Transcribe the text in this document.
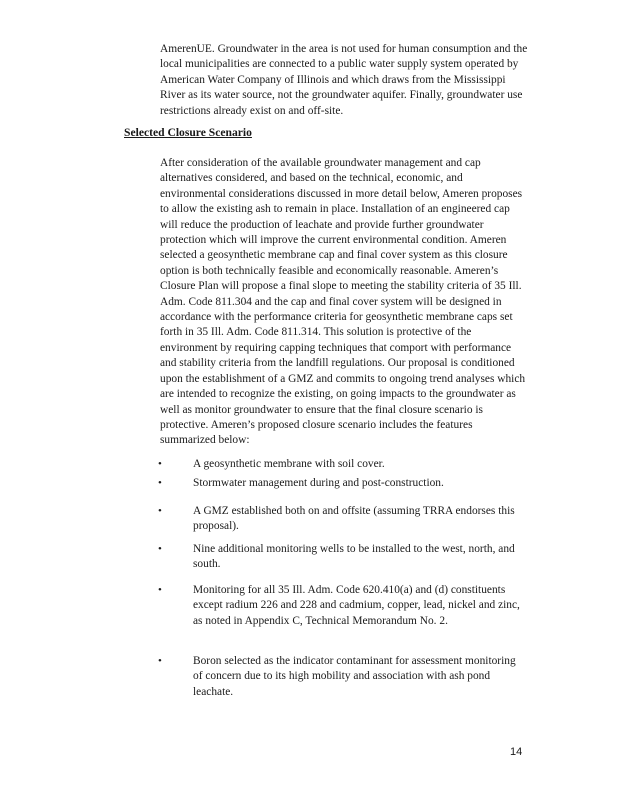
AmerenUE. Groundwater in the area is not used for human consumption and the local municipalities are connected to a public water supply system operated by American Water Company of Illinois and which draws from the Mississippi River as its water source, not the groundwater aquifer. Finally, groundwater use restrictions already exist on and off-site.

Selected Closure Scenario

After consideration of the available groundwater management and cap alternatives considered, and based on the technical, economic, and environmental considerations discussed in more detail below, Ameren proposes to allow the existing ash to remain in place. Installation of an engineered cap will reduce the production of leachate and provide further groundwater protection which will improve the current environmental condition. Ameren selected a geosynthetic membrane cap and final cover system as this closure option is both technically feasible and economically reasonable. Ameren’s Closure Plan will propose a final slope to meeting the stability criteria of 35 Ill. Adm. Code 811.304 and the cap and final cover system will be designed in accordance with the performance criteria for geosynthetic membrane caps set forth in 35 Ill. Adm. Code 811.314. This solution is protective of the environment by requiring capping techniques that comport with performance and stability criteria from the landfill regulations. Our proposal is conditioned upon the establishment of a GMZ and commits to ongoing trend analyses which are intended to recognize the existing, on going impacts to the groundwater as well as monitor groundwater to ensure that the final closure scenario is protective. Ameren’s proposed closure scenario includes the features summarized below:

•	A geosynthetic membrane with soil cover.

•	Stormwater management during and post-construction.

•	A GMZ established both on and offsite (assuming TRRA endorses this proposal).

•	Nine additional monitoring wells to be installed to the west, north, and south.

•	Monitoring for all 35 Ill. Adm. Code 620.410(a) and (d) constituents except radium 226 and 228 and cadmium, copper, lead, nickel and zinc, as noted in Appendix C, Technical Memorandum No. 2.

•	Boron selected as the indicator contaminant for assessment monitoring of concern due to its high mobility and association with ash pond leachate.

14
